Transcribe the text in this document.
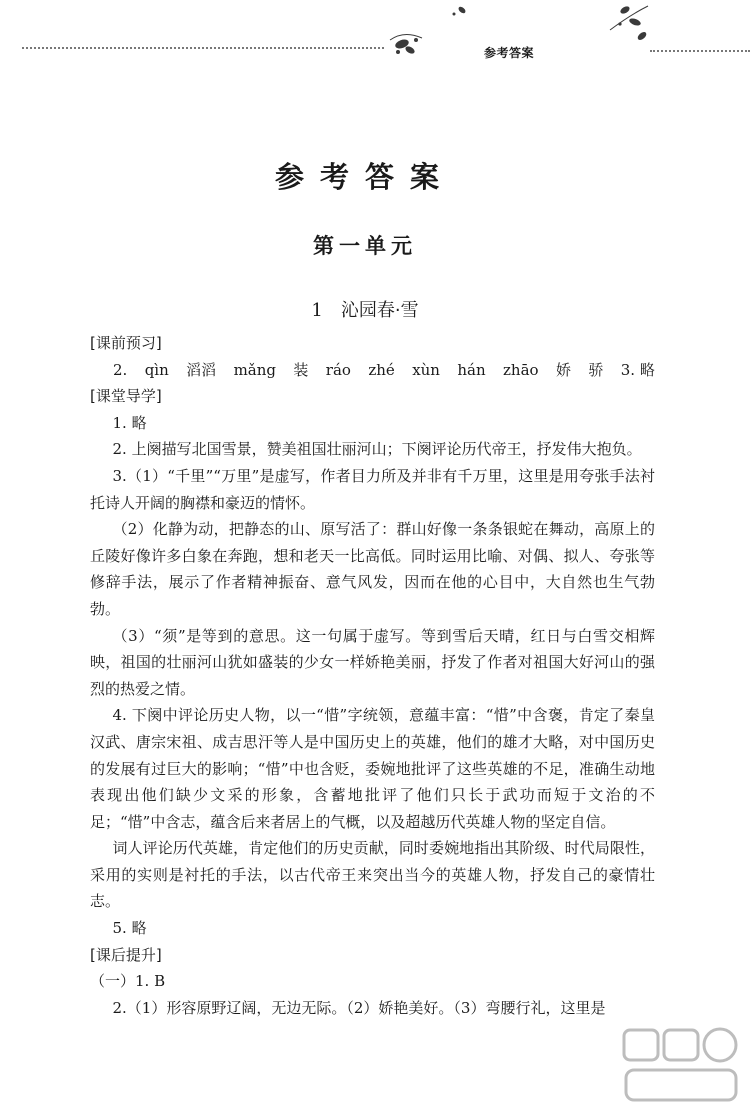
参考答案
参考答案
第一单元
1 沁园春·雪
[课前预习]
2. qìn 滔滔 mǎng 装 ráo zhé xùn hán zhāo 娇 骄 3. 略
[课堂导学]

1. 略

2. 上阕描写北国雪景，赞美祖国壮丽河山；下阕评论历代帝王，抒发伟大抱负。

3.（1）“千里”“万里”是虚写，作者目力所及并非有千万里，这里是用夸张手法衬托诗人开阔的胸襟和豪迈的情怀。

（2）化静为动，把静态的山、原写活了：群山好像一条条银蛇在舞动，高原上的丘陵好像许多白象在奔跑，想和老天一比高低。同时运用比喻、对偶、拟人、夸张等修辞手法，展示了作者精神振奋、意气风发，因而在他的心目中，大自然也生气勃勃。

（3）“须”是等到的意思。这一句属于虚写。等到雪后天晴，红日与白雪交相辉映，祖国的壮丽河山犹如盛装的少女一样娇艳美丽，抒发了作者对祖国大好河山的强烈的热爱之情。

4. 下阕中评论历史人物，以一“惜”字统领，意蕴丰富：“惜”中含褒，肯定了秦皇汉武、唐宗宋祖、成吉思汗等人是中国历史上的英雄，他们的雄才大略，对中国历史的发展有过巨大的影响；“惜”中也含贬，委婉地批评了这些英雄的不足，准确生动地表现出他们缺少文采的形象，含蓄地批评了他们只长于武功而短于文治的不足；“惜”中含志，蕴含后来者居上的气概，以及超越历代英雄人物的坚定自信。

词人评论历代英雄，肯定他们的历史贡献，同时委婉地指出其阶级、时代局限性，采用的实则是衬托的手法，以古代帝王来突出当今的英雄人物，抒发自己的豪情壮志。

5. 略

[课后提升]

（一）1. B

2.（1）形容原野辽阔，无边无际。（2）娇艳美好。（3）弯腰行礼，这里是
